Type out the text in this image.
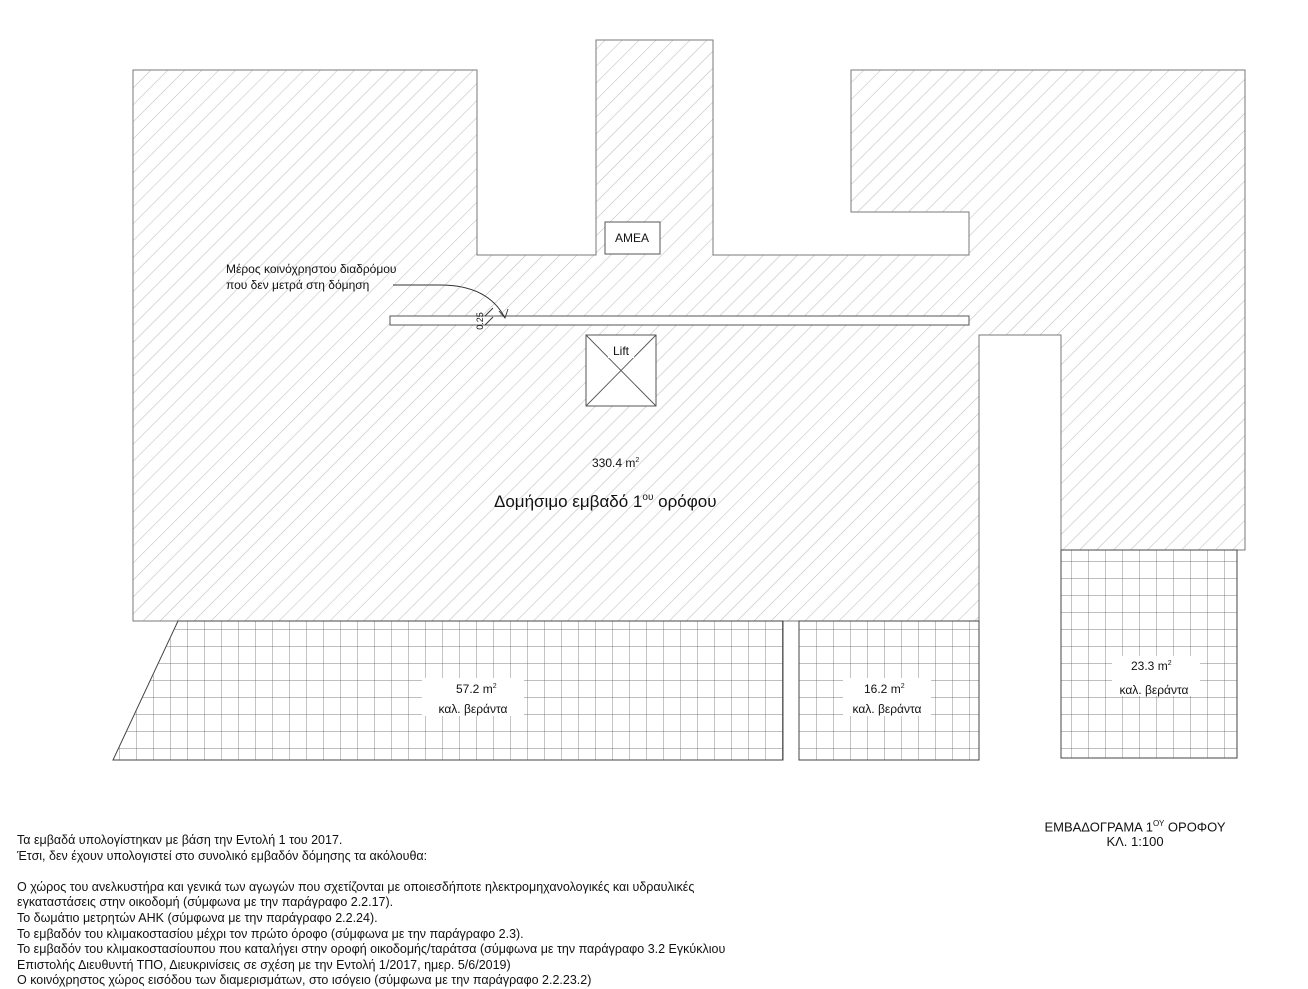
ΑΜΕΑ
Lift
Μέρος κοινόχρηστου διαδρόμου
που δεν μετρά στη δόμηση
0.25
330.4 $m^2$
Δομήσιμο εμβαδό $1^{o\upsilon}$ ορόφου
57.2 $m^2$
καλ. βεράντα
16.2 $m^2$
καλ. βεράντα
23.3 $m^2$
καλ. βεράντα
ΕΜΒΑΔΟΓΡΑΜΑ $1^{O\Upsilon}$ ΟΡΟΦΟΥ
ΚΛ. 1:100

Τα εμβαδά υπολογίστηκαν με βάση την Εντολή 1 του 2017.

Έτσι, δεν έχουν υπολογιστεί στο συνολικό εμβαδόν δόμησης τα ακόλουθα:

Ο χώρος του ανελκυστήρα και γενικά των αγωγών που σχετίζονται με οποιεσδήποτε ηλεκτρομηχανολογικές και υδραυλικές

εγκαταστάσεις στην οικοδομή (σύμφωνα με την παράγραφο 2.2.17).

Το δωμάτιο μετρητών ΑΗΚ (σύμφωνα με την παράγραφο 2.2.24).

Το εμβαδόν του κλιμακοστασίου μέχρι τον πρώτο όροφο (σύμφωνα με την παράγραφο 2.3).

Το εμβαδόν του κλιμακοστασίουπου που καταλήγει στην οροφή οικοδομής/ταράτσα (σύμφωνα με την παράγραφο 3.2 Εγκύκλιου

Επιστολής Διευθυντή ΤΠΟ, Διευκρινίσεις σε σχέση με την Εντολή 1/2017, ημερ. 5/6/2019)

Ο κοινόχρηστος χώρος εισόδου των διαμερισμάτων, στο ισόγειο (σύμφωνα με την παράγραφο 2.2.23.2)
